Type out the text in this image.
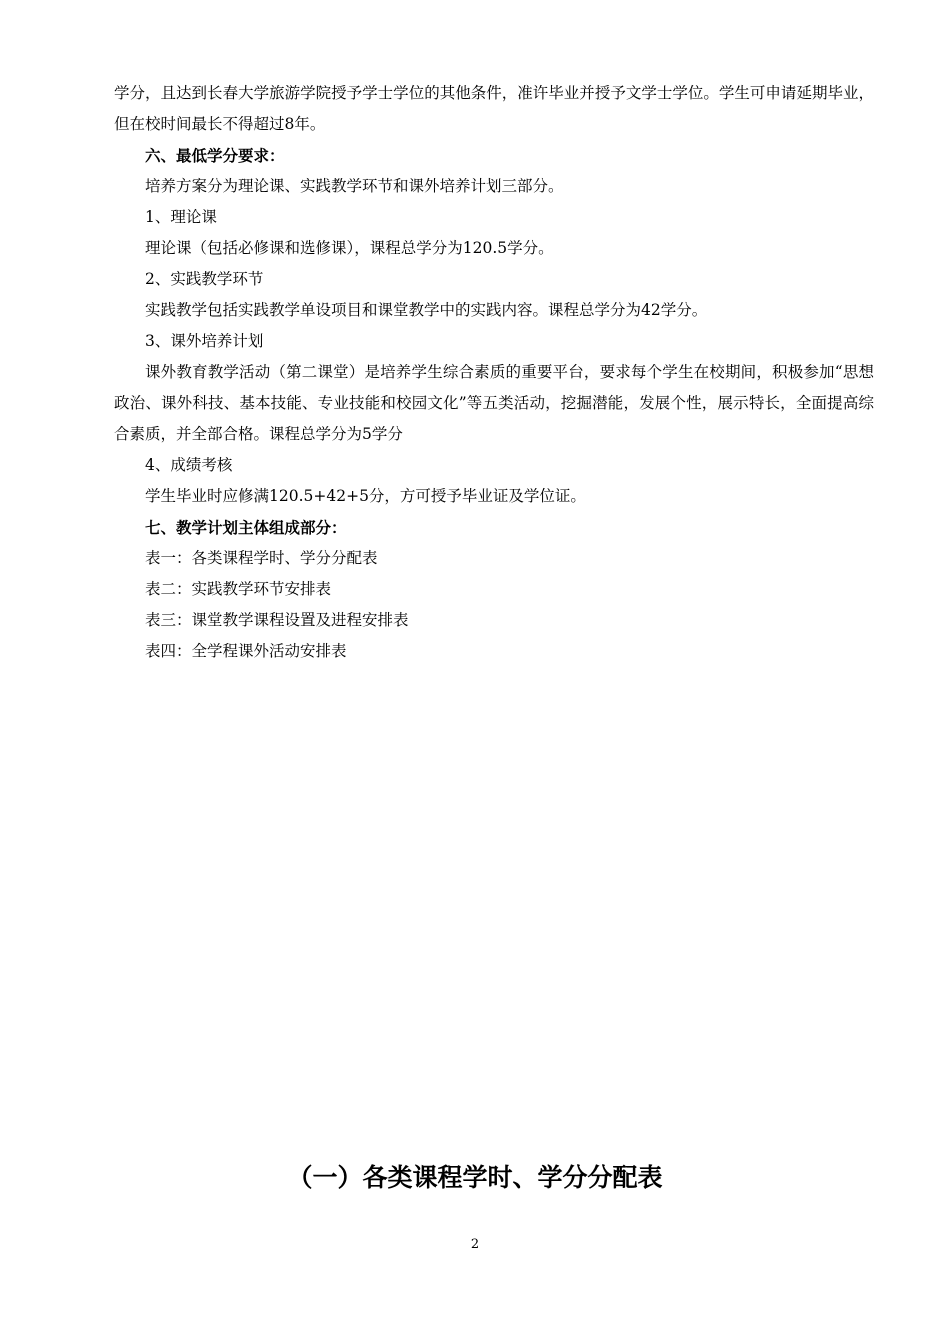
学分，且达到长春大学旅游学院授予学士学位的其他条件，准许毕业并授予文学士学位。学生可申请延期毕业，但在校时间最长不得超过8年。

六、最低学分要求：

培养方案分为理论课、实践教学环节和课外培养计划三部分。

1、理论课

理论课（包括必修课和选修课），课程总学分为120.5学分。

2、实践教学环节

实践教学包括实践教学单设项目和课堂教学中的实践内容。课程总学分为42学分。

3、课外培养计划

课外教育教学活动（第二课堂）是培养学生综合素质的重要平台，要求每个学生在校期间，积极参加“思想政治、课外科技、基本技能、专业技能和校园文化”等五类活动，挖掘潜能，发展个性，展示特长，全面提高综合素质，并全部合格。课程总学分为5学分

4、成绩考核

学生毕业时应修满120.5+42+5分，方可授予毕业证及学位证。

七、教学计划主体组成部分：

表一：各类课程学时、学分分配表

表二：实践教学环节安排表

表三：课堂教学课程设置及进程安排表

表四：全学程课外活动安排表

（一）各类课程学时、学分分配表
2
